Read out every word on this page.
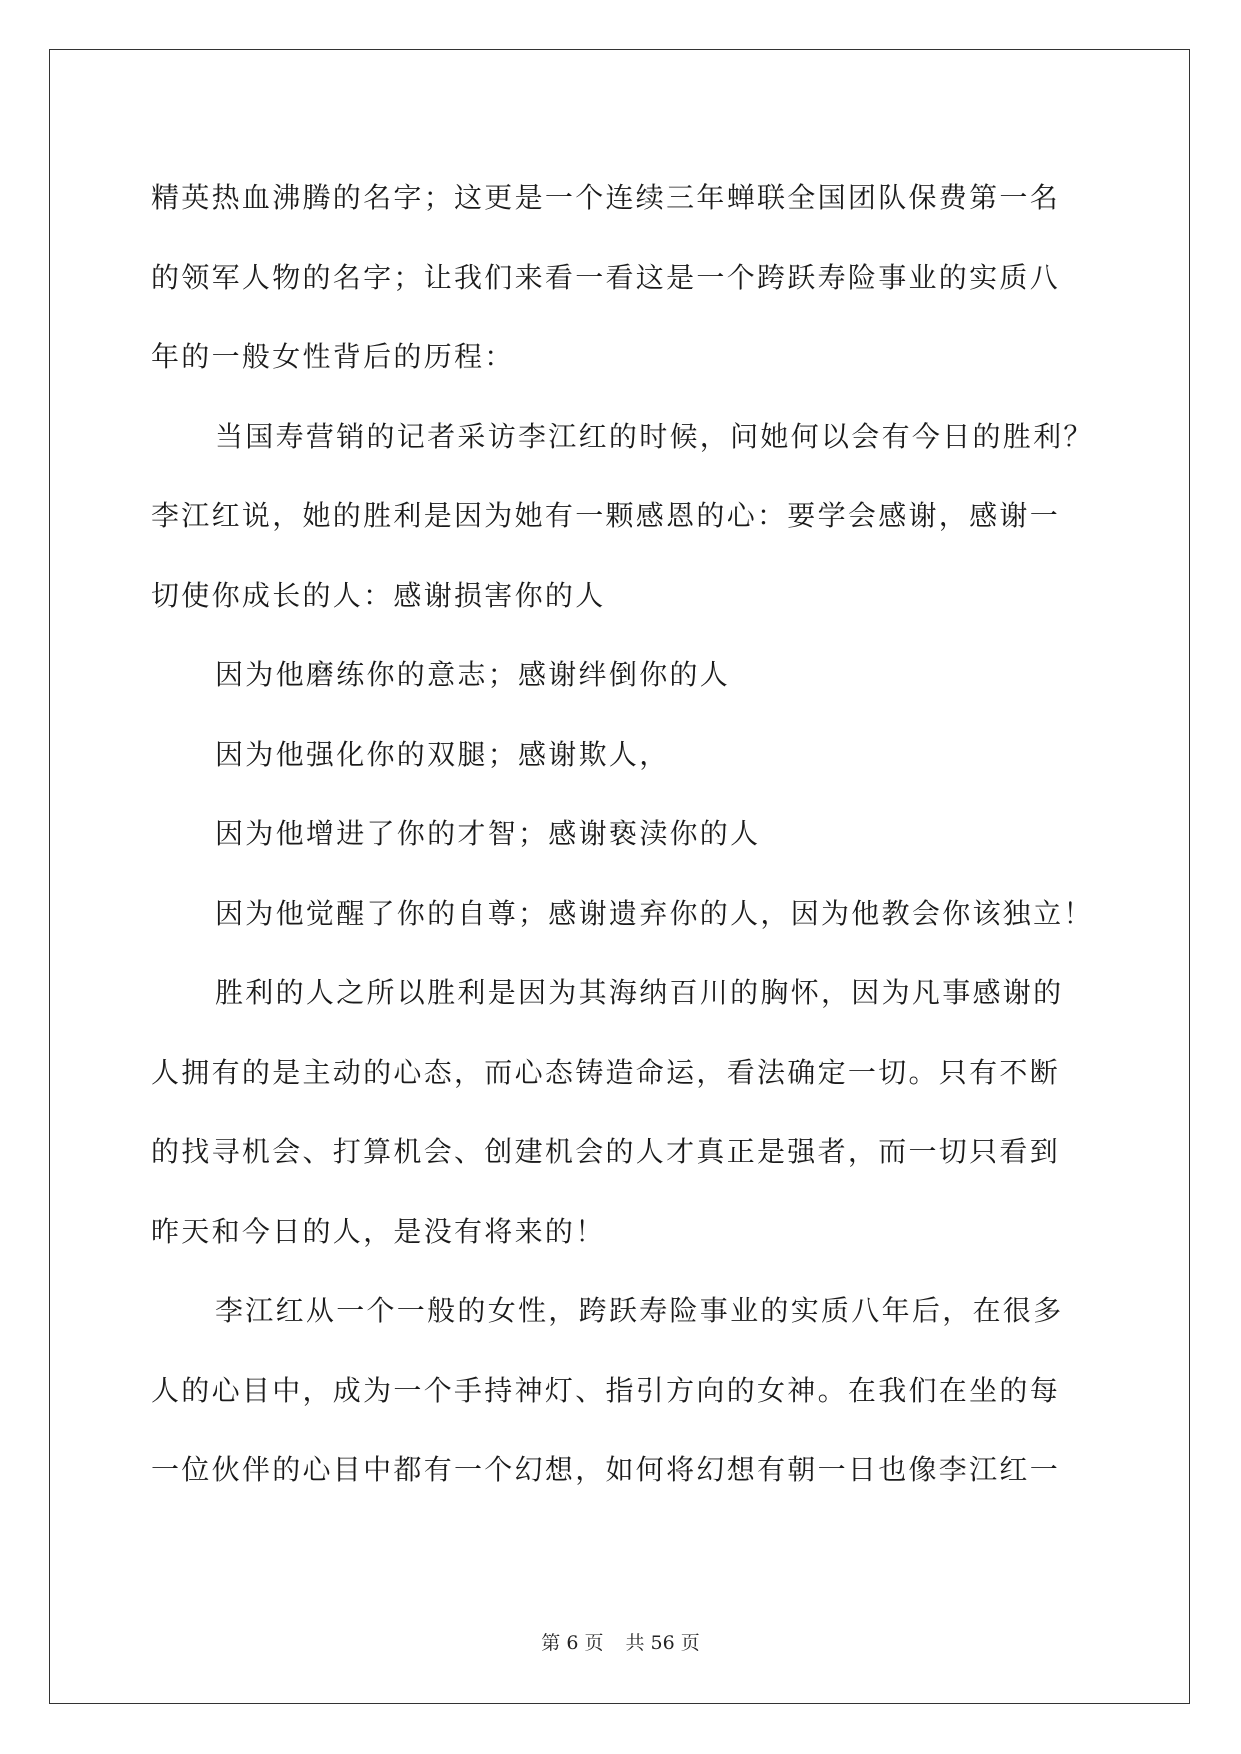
精英热血沸腾的名字；这更是一个连续三年蝉联全国团队保费第一名
的领军人物的名字；让我们来看一看这是一个跨跃寿险事业的实质八
年的一般女性背后的历程：
当国寿营销的记者采访李江红的时候，问她何以会有今日的胜利？
李江红说，她的胜利是因为她有一颗感恩的心：要学会感谢，感谢一
切使你成长的人：感谢损害你的人
因为他磨练你的意志；感谢绊倒你的人
因为他强化你的双腿；感谢欺人，
因为他增进了你的才智；感谢亵渎你的人
因为他觉醒了你的自尊；感谢遗弃你的人，因为他教会你该独立！
胜利的人之所以胜利是因为其海纳百川的胸怀，因为凡事感谢的
人拥有的是主动的心态，而心态铸造命运，看法确定一切。只有不断
的找寻机会、打算机会、创建机会的人才真正是强者，而一切只看到
昨天和今日的人，是没有将来的！
李江红从一个一般的女性，跨跃寿险事业的实质八年后，在很多
人的心目中，成为一个手持神灯、指引方向的女神。在我们在坐的每
一位伙伴的心目中都有一个幻想，如何将幻想有朝一日也像李江红一
第 6 页 共 56 页
